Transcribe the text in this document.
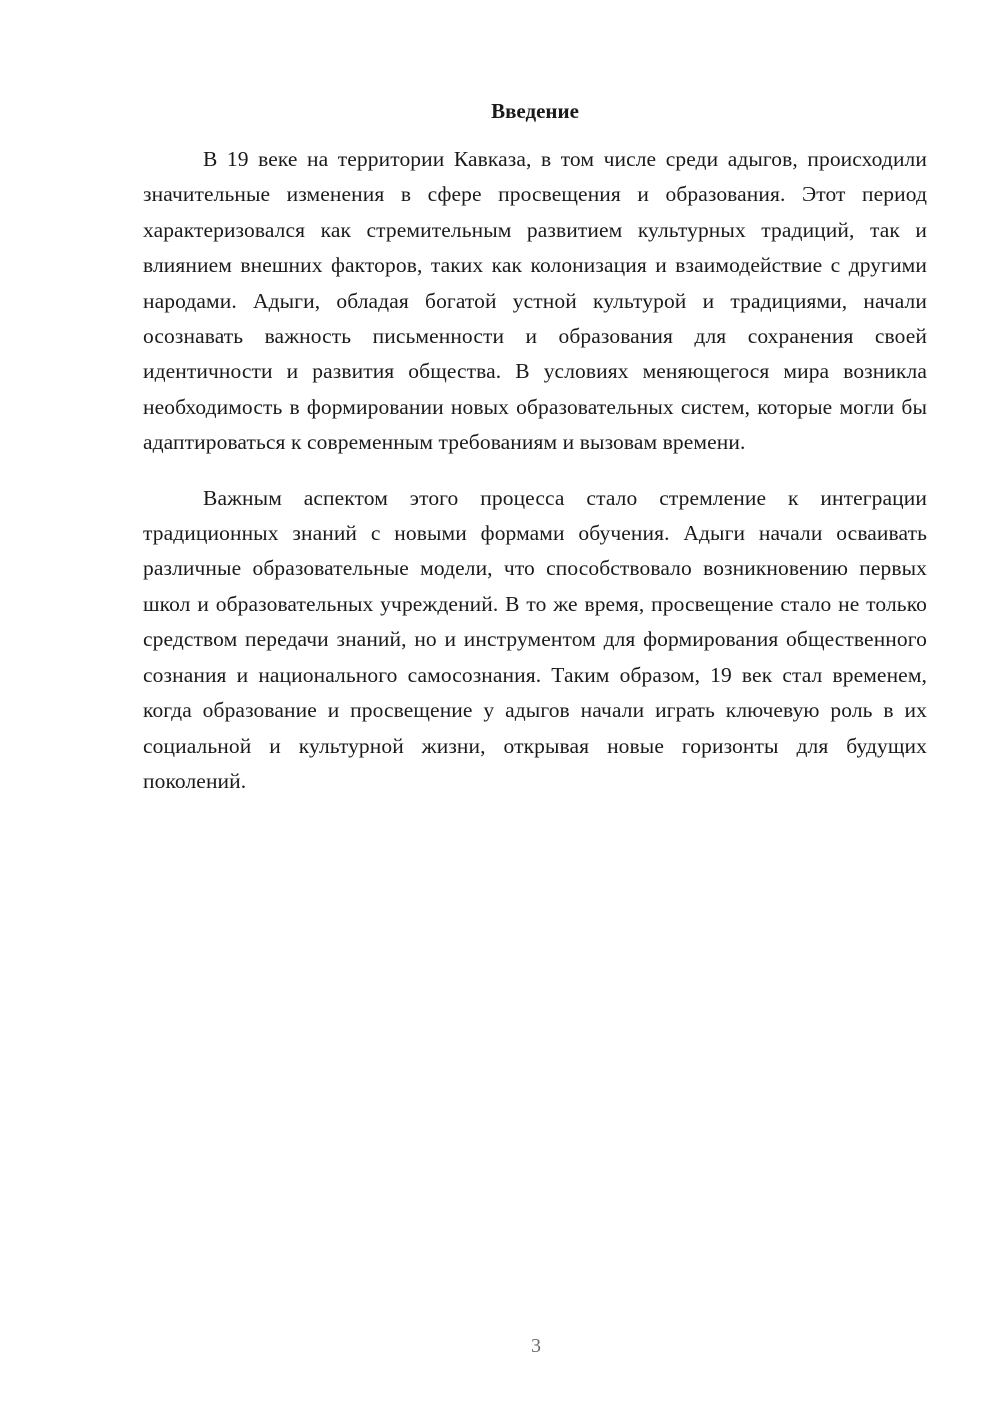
Введение

В 19 веке на территории Кавказа, в том числе среди адыгов, происходили значительные изменения в сфере просвещения и образования. Этот период характеризовался как стремительным развитием культурных традиций, так и влиянием внешних факторов, таких как колонизация и взаимодействие с другими народами. Адыги, обладая богатой устной культурой и традициями, начали осознавать важность письменности и образования для сохранения своей идентичности и развития общества. В условиях меняющегося мира возникла необходимость в формировании новых образовательных систем, которые могли бы адаптироваться к современным требованиям и вызовам времени.

Важным аспектом этого процесса стало стремление к интеграции традиционных знаний с новыми формами обучения. Адыги начали осваивать различные образовательные модели, что способствовало возникновению первых школ и образовательных учреждений. В то же время, просвещение стало не только средством передачи знаний, но и инструментом для формирования общественного сознания и национального самосознания. Таким образом, 19 век стал временем, когда образование и просвещение у адыгов начали играть ключевую роль в их социальной и культурной жизни, открывая новые горизонты для будущих поколений.

3
